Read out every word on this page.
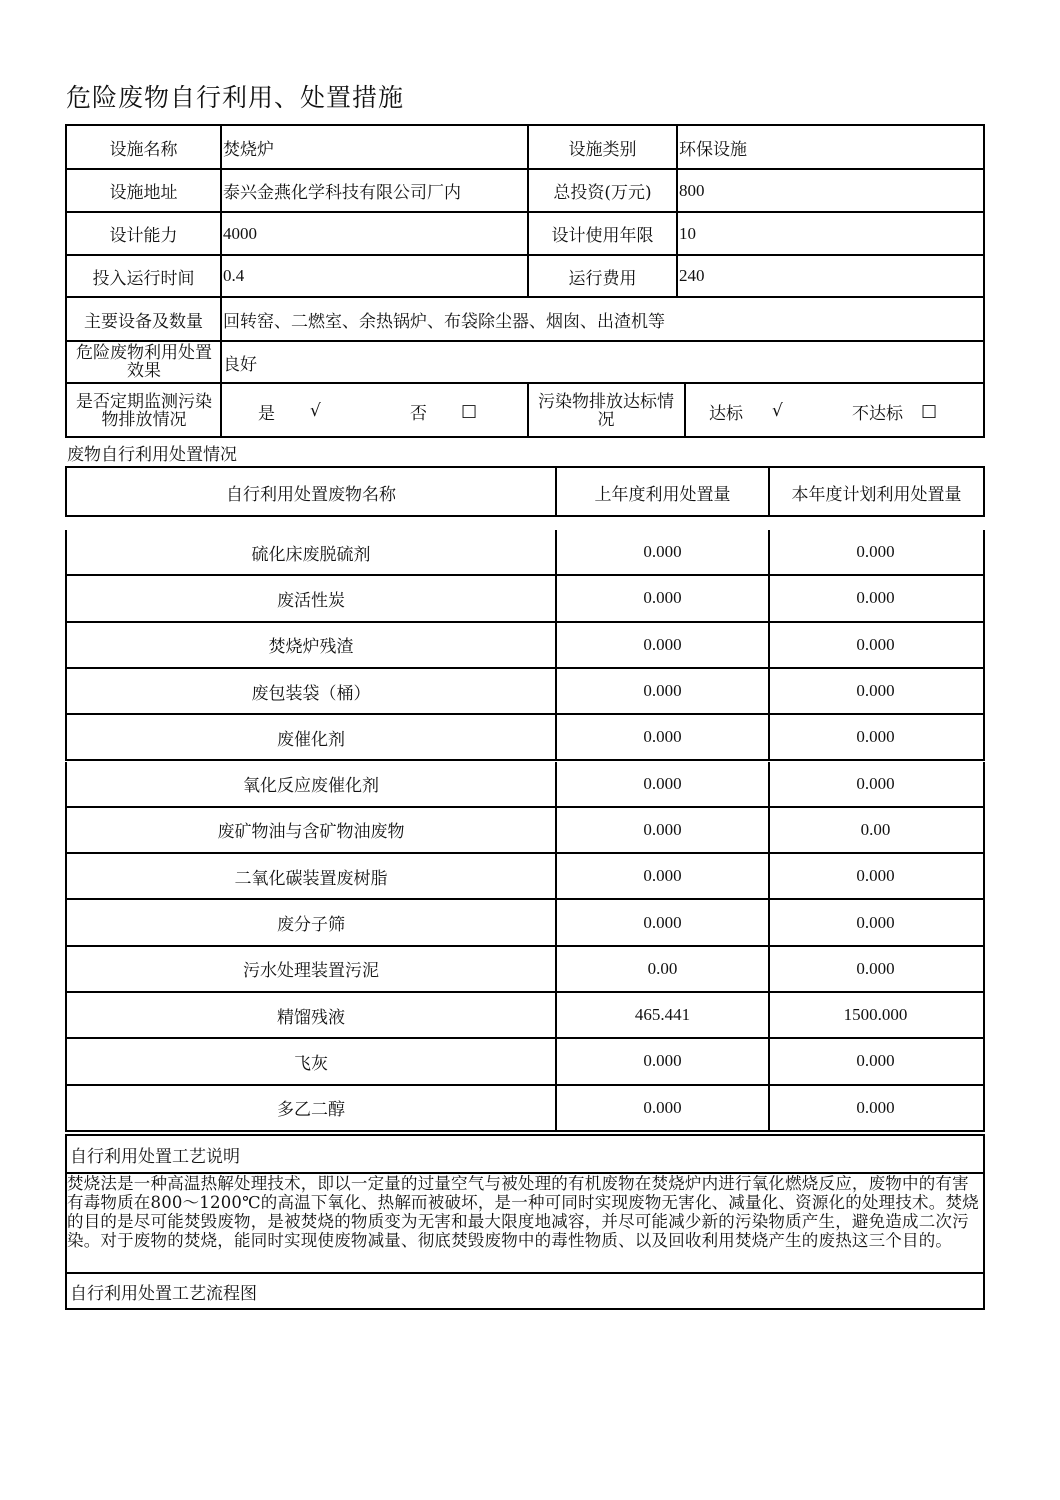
危险废物自行利用、处置措施
设施名称	焚烧炉	设施类别	环保设施
设施地址	泰兴金燕化学科技有限公司厂内	总投资(万元)	800
设计能力	4000	设计使用年限	10
投入运行时间	0.4	运行费用	240
主要设备及数量	回转窑、二燃室、余热锅炉、布袋除尘器、烟囱、出渣机等
危险废物利用处置效果	良好
是否定期监测污染物排放情况	是	√	否	□	污染物排放达标情况	达标	√	不达标	□
废物自行利用处置情况
自行利用处置废物名称	上年度利用处置量	本年度计划利用处置量
硫化床废脱硫剂	0.000	0.000
废活性炭	0.000	0.000
焚烧炉残渣	0.000	0.000
废包装袋（桶）	0.000	0.000
废催化剂	0.000	0.000
氧化反应废催化剂	0.000	0.000
废矿物油与含矿物油废物	0.000	0.00
二氧化碳装置废树脂	0.000	0.000
废分子筛	0.000	0.000
污水处理装置污泥	0.00	0.000
精馏残液	465.441	1500.000
飞灰	0.000	0.000
多乙二醇	0.000	0.000
自行利用处置工艺说明
焚烧法是一种高温热解处理技术，即以一定量的过量空气与被处理的有机废物在焚烧炉内进行氧化燃烧反应，废物中的有害有毒物质在800～1200℃的高温下氧化、热解而被破坏，是一种可同时实现废物无害化、减量化、资源化的处理技术。焚烧的目的是尽可能焚毁废物，是被焚烧的物质变为无害和最大限度地减容，并尽可能减少新的污染物质产生，避免造成二次污染。对于废物的焚烧，能同时实现使废物减量、彻底焚毁废物中的毒性物质、以及回收利用焚烧产生的废热这三个目的。
自行利用处置工艺流程图
